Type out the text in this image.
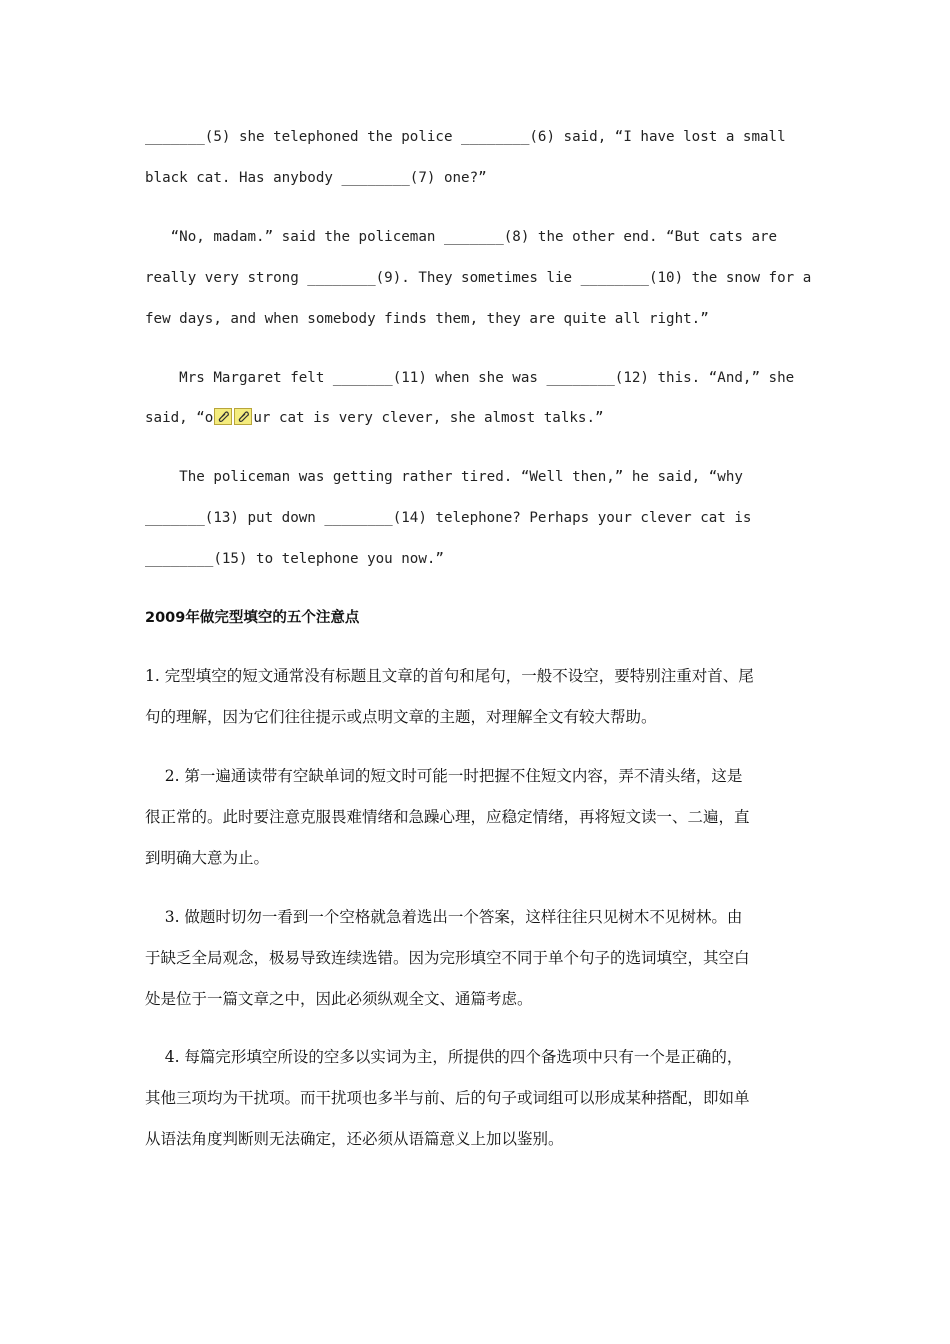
_______(5) she telephoned the police ________(6) said, “I have lost a small
black cat. Has anybody ________(7) one?”
“No, madam.” said the policeman _______(8) the other end. “But cats are
really very strong ________(9). They sometimes lie ________(10) the snow for a
few days, and when somebody finds them, they are quite all right.”
Mrs Margaret felt _______(11) when she was ________(12) this. “And,” she
said, “o	ur cat is very clever, she almost talks.”
The policeman was getting rather tired. “Well then,” he said, “why
_______(13) put down ________(14) telephone? Perhaps your clever cat is
________(15) to telephone you now.”
2009年做完型填空的五个注意点
1. 完型填空的短文通常没有标题且文章的首句和尾句，一般不设空，要特别注重对首、尾
句的理解，因为它们往往提示或点明文章的主题，对理解全文有较大帮助。
2. 第一遍通读带有空缺单词的短文时可能一时把握不住短文内容，弄不清头绪，这是
很正常的。此时要注意克服畏难情绪和急躁心理，应稳定情绪，再将短文读一、二遍，直
到明确大意为止。
3. 做题时切勿一看到一个空格就急着选出一个答案，这样往往只见树木不见树林。由
于缺乏全局观念，极易导致连续选错。因为完形填空不同于单个句子的选词填空，其空白
处是位于一篇文章之中，因此必须纵观全文、通篇考虑。
4. 每篇完形填空所设的空多以实词为主，所提供的四个备选项中只有一个是正确的，
其他三项均为干扰项。而干扰项也多半与前、后的句子或词组可以形成某种搭配，即如单
从语法角度判断则无法确定，还必须从语篇意义上加以鉴别。
